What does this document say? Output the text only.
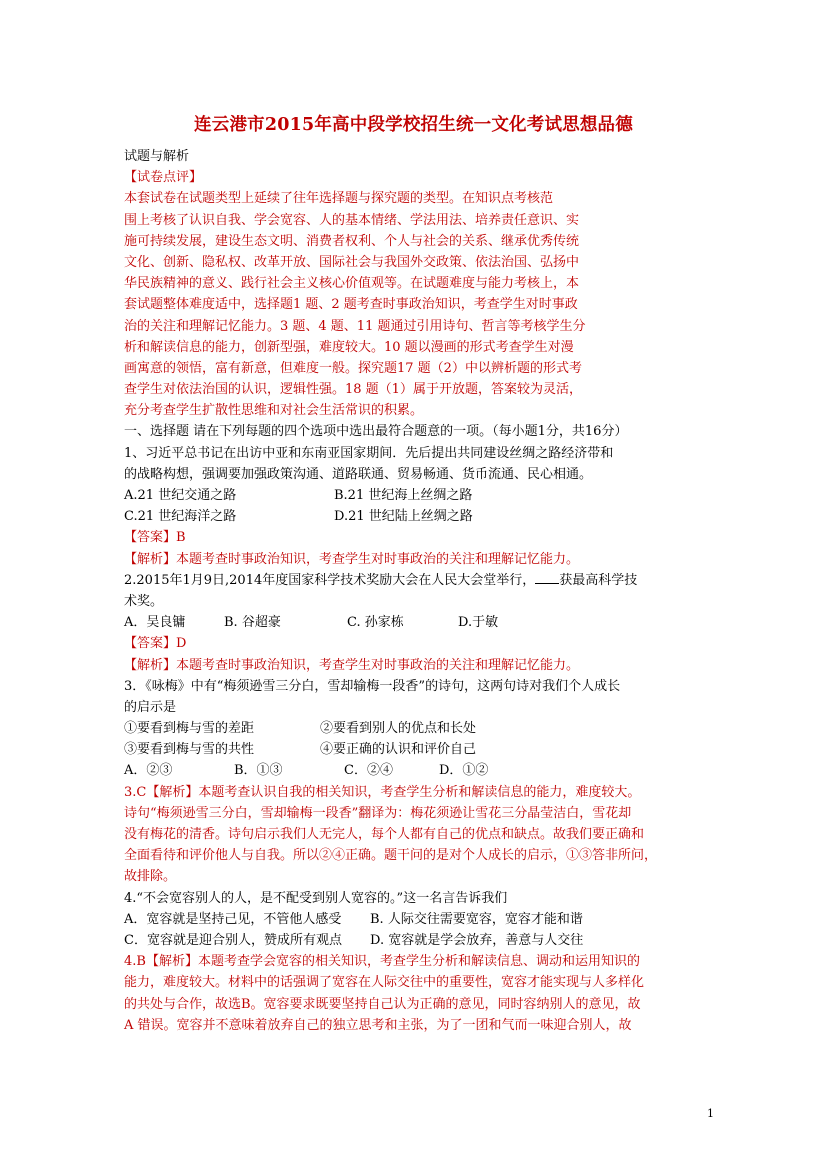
连云港市2015年高中段学校招生统一文化考试思想品德
试题与解析
【试卷点评】
本套试卷在试题类型上延续了往年选择题与探究题的类型。在知识点考核范
围上考核了认识自我、学会宽容、人的基本情绪、学法用法、培养责任意识、实
施可持续发展，建设生态文明、消费者权利、个人与社会的关系、继承优秀传统
文化、创新、隐私权、改革开放、国际社会与我国外交政策、依法治国、弘扬中
华民族精神的意义、践行社会主义核心价值观等。在试题难度与能力考核上，本
套试题整体难度适中，选择题1 题、2 题考查时事政治知识，考查学生对时事政
治的关注和理解记忆能力。3 题、4 题、11 题通过引用诗句、哲言等考核学生分
析和解读信息的能力，创新型强，难度较大。10 题以漫画的形式考查学生对漫
画寓意的领悟，富有新意，但难度一般。探究题17 题（2）中以辨析题的形式考
查学生对依法治国的认识，逻辑性强。18 题（1）属于开放题，答案较为灵活，
充分考查学生扩散性思维和对社会生活常识的积累。
一、选择题 请在下列每题的四个选项中选出最符合题意的一项。（每小题1分，共16分）
1、习近平总书记在出访中亚和东南亚国家期间．先后提出共同建设丝绸之路经济带和
的战略构想，强调要加强政策沟通、道路联通、贸易畅通、货币流通、民心相通。
A.21 世纪交通之路	B.21 世纪海上丝绸之路
C.21 世纪海洋之路	D.21 世纪陆上丝绸之路
【答案】B
【解析】本题考查时事政治知识，考查学生对时事政治的关注和理解记忆能力。
2.2015年1月9日,2014年度国家科学技术奖励大会在人民大会堂举行， 获最高科学技
术奖。
A．吴良镛	B. 谷超豪	C. 孙家栋	D.于敏
【答案】D
【解析】本题考查时事政治知识，考查学生对时事政治的关注和理解记忆能力。
3．《咏梅》中有“梅须逊雪三分白，雪却输梅一段香”的诗句，这两句诗对我们个人成长
的启示是
①要看到梅与雪的差距	②要看到别人的优点和长处
③要看到梅与雪的共性	④要正确的认识和评价自己
A．②③	B．①③	C．②④	D．①②
3.C【解析】本题考查认识自我的相关知识，考查学生分析和解读信息的能力，难度较大。
诗句“梅须逊雪三分白，雪却输梅一段香”翻译为：梅花须逊让雪花三分晶莹洁白，雪花却
没有梅花的清香。诗句启示我们人无完人，每个人都有自己的优点和缺点。故我们要正确和
全面看待和评价他人与自我。所以②④正确。题干问的是对个人成长的启示，①③答非所问，
故排除。
4.“不会宽容别人的人，是不配受到别人宽容的。”这一名言告诉我们
A．宽容就是坚持己见，不管他人感受	B. 人际交往需要宽容，宽容才能和谐
C．宽容就是迎合别人，赞成所有观点	D. 宽容就是学会放弃，善意与人交往
4.B【解析】本题考查学会宽容的相关知识，考查学生分析和解读信息、调动和运用知识的
能力，难度较大。材料中的话强调了宽容在人际交往中的重要性，宽容才能实现与人多样化
的共处与合作，故选B。宽容要求既要坚持自己认为正确的意见，同时容纳别人的意见，故
A 错误。宽容并不意味着放弃自己的独立思考和主张，为了一团和气而一味迎合别人，故
1
